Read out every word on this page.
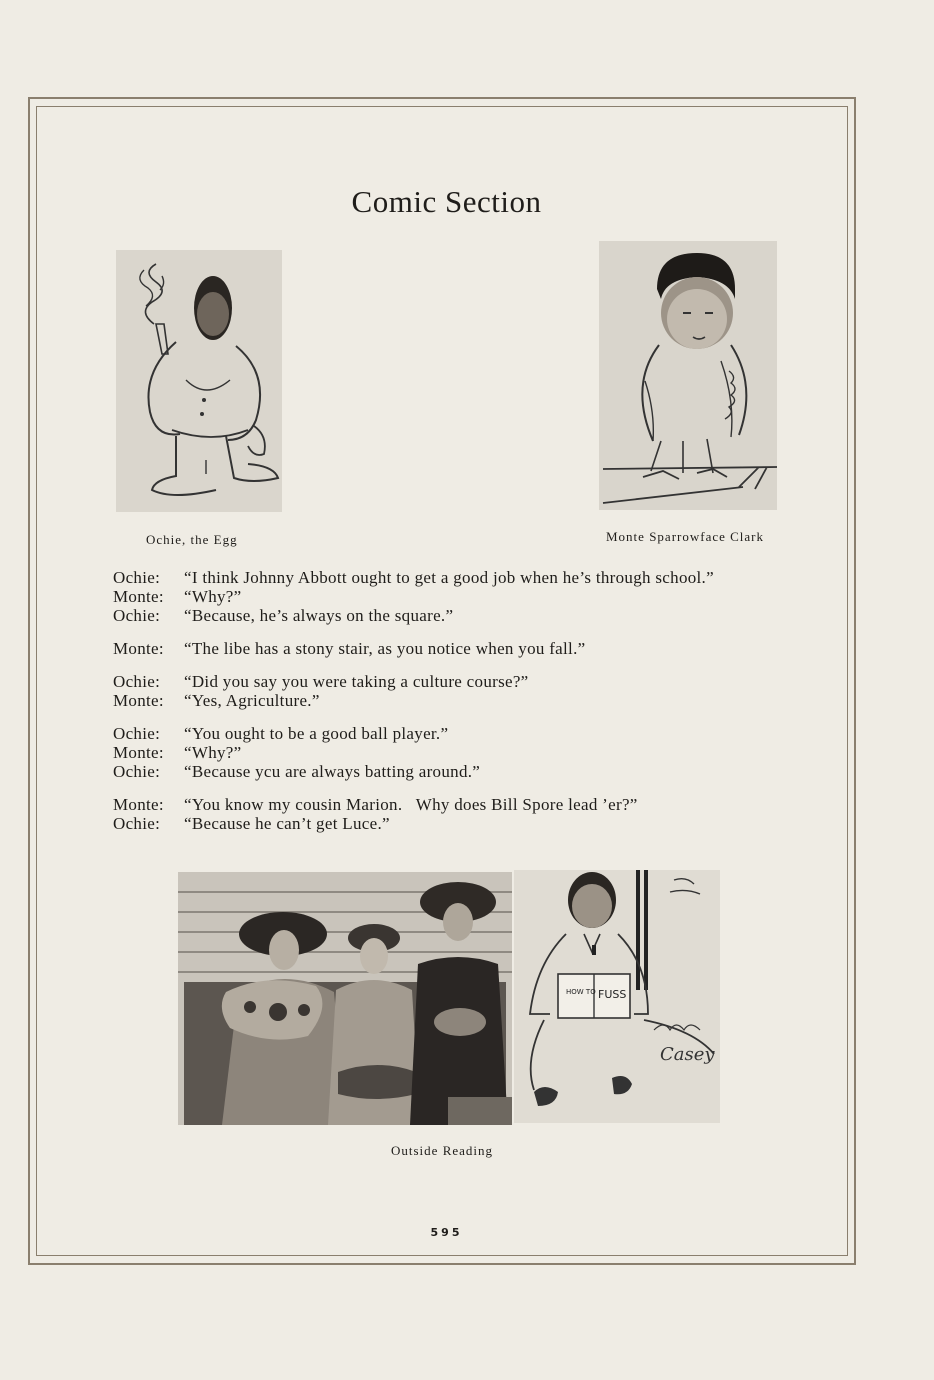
Comic Section
Ochie, the Egg	Monte Sparrowface Clark
Ochie:	“I think Johnny Abbott ought to get a good job when he’s through school.”
Monte:	“Why?”
Ochie:	“Because, he’s always on the square.”
Monte:	“The libe has a stony stair, as you notice when you fall.”
Ochie:	“Did you say you were taking a culture course?”
Monte:	“Yes, Agriculture.”
Ochie:	“You ought to be a good ball player.”
Monte:	“Why?”
Ochie:	“Because ycu are always batting around.”
Monte:	“You know my cousin Marion.   Why does Bill Spore lead ’er?”
Ochie:	“Because he can’t get Luce.”
HOW TO FUSS
Casey
Outside Reading
595
